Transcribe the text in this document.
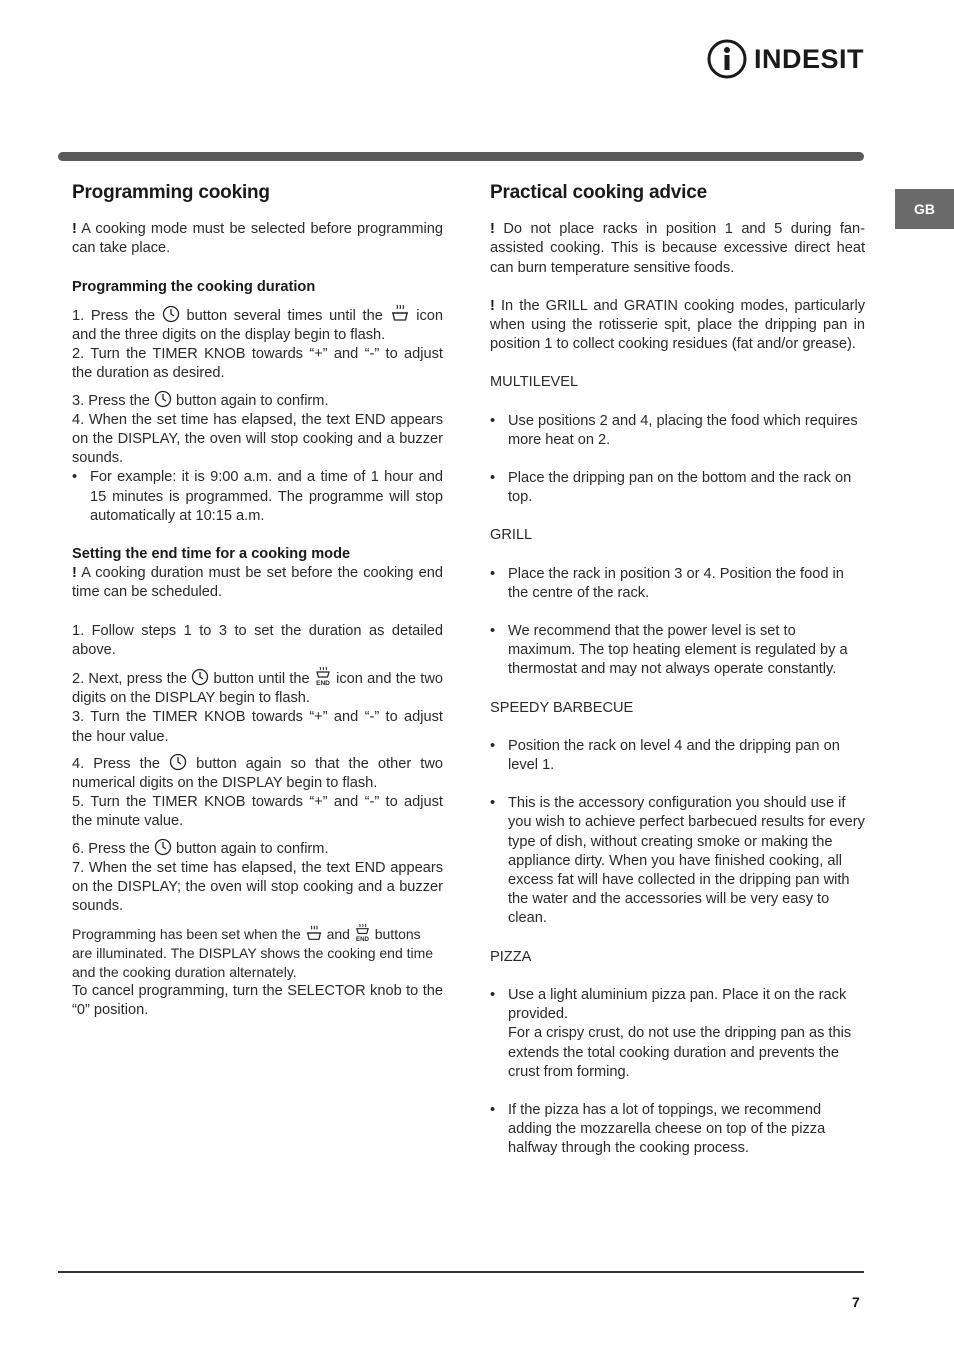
INDESIT
GB
Programming cooking

! A cooking mode must be selected before programming can take place.

Programming the cooking duration

1. Press the  button several times until the  icon and the three digits on the display begin to flash.

2. Turn the TIMER KNOB towards “+” and “-” to adjust the duration as desired.

3. Press the  button again to confirm.

4. When the set time has elapsed, the text END appears on the DISPLAY, the oven will stop cooking and a buzzer sounds.

• For example: it is 9:00 a.m. and a time of 1 hour and 15 minutes is programmed. The programme will stop automatically at 10:15 a.m.

Setting the end time for a cooking mode

! A cooking duration must be set before the cooking end time can be scheduled.

1. Follow steps 1 to 3 to set the duration as detailed above.

2. Next, press the  button until the END icon and the two digits on the DISPLAY begin to flash.

3. Turn the TIMER KNOB towards “+” and “-” to adjust the hour value.

4. Press the  button again so that the other two numerical digits on the DISPLAY begin to flash.

5. Turn the TIMER KNOB towards “+” and “-” to adjust the minute value.

6. Press the  button again to confirm.

7. When the set time has elapsed, the text END appears on the DISPLAY; the oven will stop cooking and a buzzer sounds.

Programming has been set when the  and END buttons are illuminated. The DISPLAY shows the cooking end time and the cooking duration alternately.

To cancel programming, turn the SELECTOR knob to the “0” position.

Practical cooking advice

! Do not place racks in position 1 and 5 during fan-assisted cooking. This is because excessive direct heat can burn temperature sensitive foods.

! In the GRILL and GRATIN cooking modes, particularly when using the rotisserie spit, place the dripping pan in position 1 to collect cooking residues (fat and/or grease).

MULTILEVEL

• Use positions 2 and 4, placing the food which requires more heat on 2.

• Place the dripping pan on the bottom and the rack on top.

GRILL

• Place the rack in position 3 or 4. Position the food in the centre of the rack.

• We recommend that the power level is set to maximum. The top heating element is regulated by a thermostat and may not always operate constantly.

SPEEDY BARBECUE

• Position the rack on level 4 and the dripping pan on level 1.

• This is the accessory configuration you should use if you wish to achieve perfect barbecued results for every type of dish, without creating smoke or making the appliance dirty. When you have finished cooking, all excess fat will have collected in the dripping pan with the water and the accessories will be very easy to clean.

PIZZA

• Use a light aluminium pizza pan. Place it on the rack provided.

For a crispy crust, do not use the dripping pan as this extends the total cooking duration and prevents the crust from forming.

• If the pizza has a lot of toppings, we recommend adding the mozzarella cheese on top of the pizza halfway through the cooking process.

7
